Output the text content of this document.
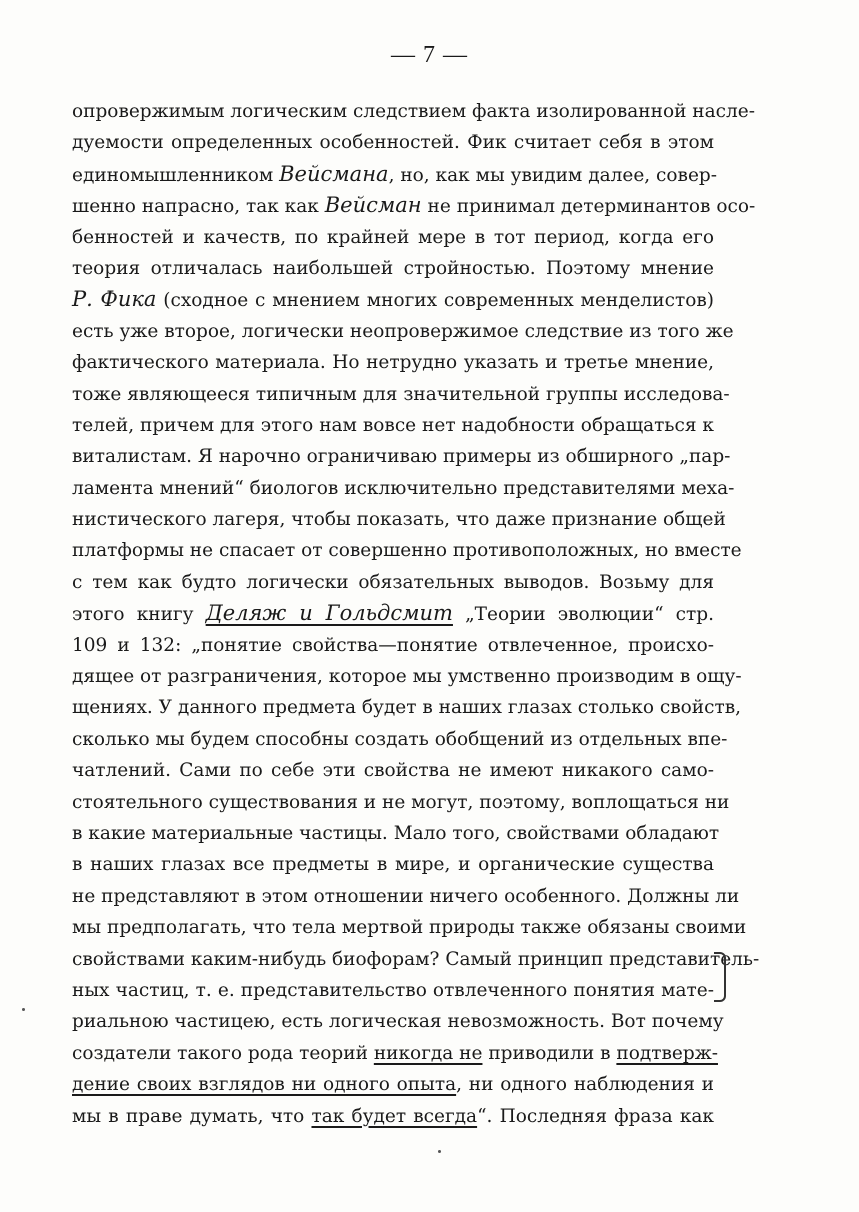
— 7 —
опровержимым логическим следствием факта изолированной насле-
дуемости определенных особенностей. Фик считает себя в этом
единомышленником Вейсмана, но, как мы увидим далее, совер-
шенно напрасно, так как Вейсман не принимал детерминантов осо-
бенностей и качеств, по крайней мере в тот период, когда его
теория отличалась наибольшей стройностью. Поэтому мнение
Р. Фика (сходное с мнением многих современных менделистов)
есть уже второе, логически неопровержимое следствие из того же
фактического материала. Но нетрудно указать и третье мнение,
тоже являющееся типичным для значительной группы исследова-
телей, причем для этого нам вовсе нет надобности обращаться к
виталистам. Я нарочно ограничиваю примеры из обширного „пар-
ламента мнений“ биологов исключительно представителями меха-
нистического лагеря, чтобы показать, что даже признание общей
платформы не спасает от совершенно противоположных, но вместе
с тем как будто логически обязательных выводов. Возьму для
этого книгу Деляж и Гольдсмит „Теории эволюции“ стр.
109 и 132: „понятие свойства—понятие отвлеченное, происхо-
дящее от разграничения, которое мы умственно производим в ощу-
щениях. У данного предмета будет в наших глазах столько свойств,
сколько мы будем способны создать обобщений из отдельных впе-
чатлений. Сами по себе эти свойства не имеют никакого само-
стоятельного существования и не могут, поэтому, воплощаться ни
в какие материальные частицы. Мало того, свойствами обладают
в наших глазах все предметы в мире, и органические существа
не представляют в этом отношении ничего особенного. Должны ли
мы предполагать, что тела мертвой природы также обязаны своими
свойствами каким-нибудь биофорам? Самый принцип представитель-
ных частиц, т. е. представительство отвлеченного понятия мате-
риальною частицею, есть логическая невозможность. Вот почему
создатели такого рода теорий никогда не приводили в подтверж-
дение своих взглядов ни одного опыта, ни одного наблюдения и
мы в праве думать, что так будет всегда“. Последняя фраза как
